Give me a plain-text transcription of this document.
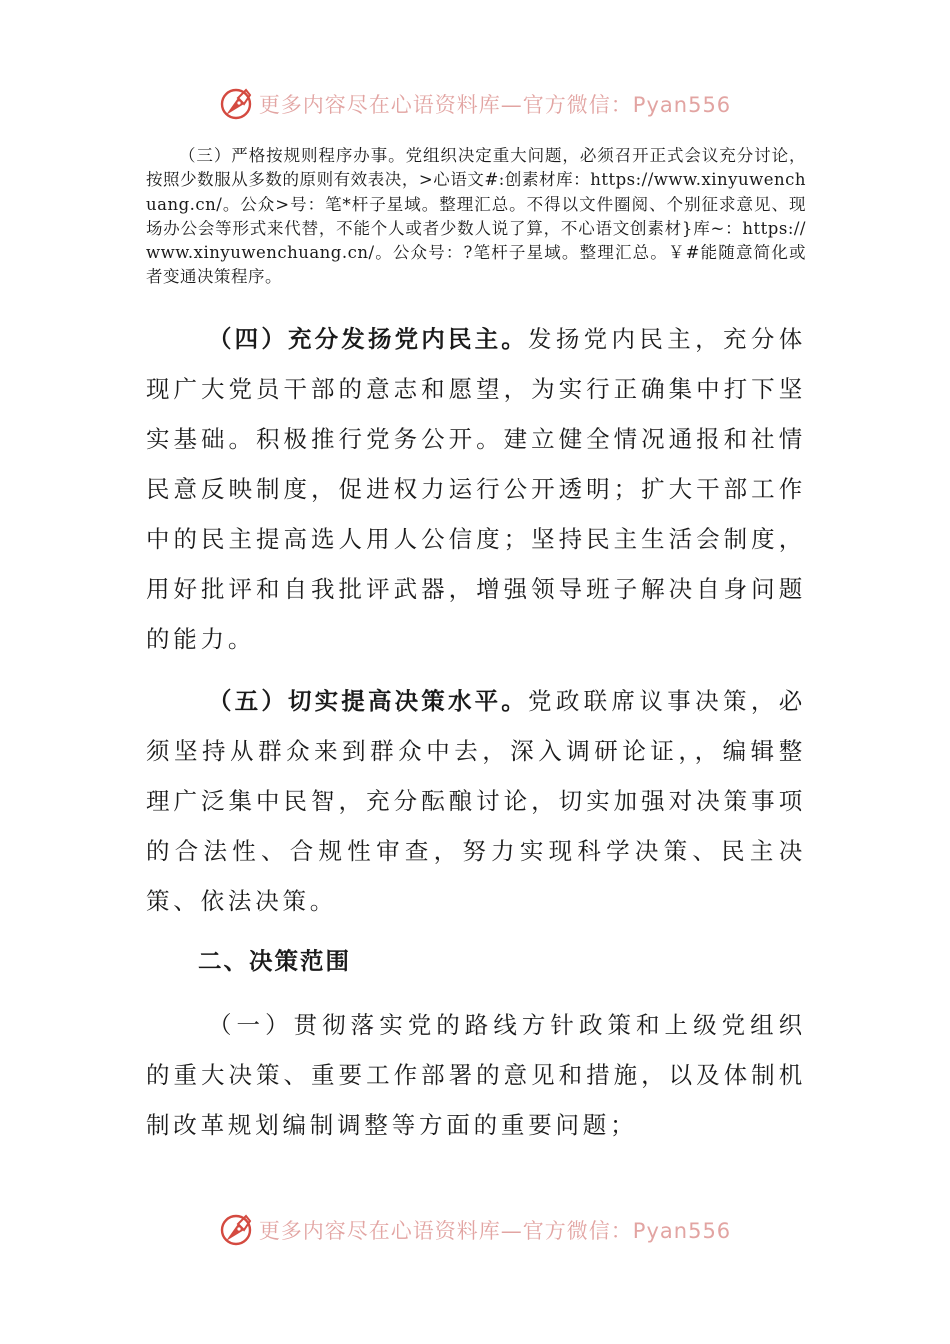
更多内容尽在心语资料库—官方微信：Pyan556

（三）严格按规则程序办事。党组织决定重大问题，必须召开正式会议充分讨论，按照少数服从多数的原则有效表决，>心语文#:创素材库：https://www.xinyuwenchuang.cn/。公众>号：笔*杆子星域。整理汇总。不得以文件圈阅、个别征求意见、现场办公会等形式来代替，不能个人或者少数人说了算，不心语文创素材}库~：https://www.xinyuwenchuang.cn/。公众号：?笔杆子星域。整理汇总。￥#能随意简化或者变通决策程序。

（四）充分发扬党内民主。发扬党内民主，充分体现广大党员干部的意志和愿望，为实行正确集中打下坚实基础。积极推行党务公开。建立健全情况通报和社情民意反映制度，促进权力运行公开透明；扩大干部工作中的民主提高选人用人公信度；坚持民主生活会制度，用好批评和自我批评武器，增强领导班子解决自身问题的能力。

（五）切实提高决策水平。党政联席议事决策，必须坚持从群众来到群众中去，深入调研论证，，编辑整理广泛集中民智，充分酝酿讨论，切实加强对决策事项的合法性、合规性审查，努力实现科学决策、民主决策、依法决策。

二、决策范围

（一）贯彻落实党的路线方针政策和上级党组织的重大决策、重要工作部署的意见和措施，以及体制机制改革规划编制调整等方面的重要问题；

更多内容尽在心语资料库—官方微信：Pyan556
